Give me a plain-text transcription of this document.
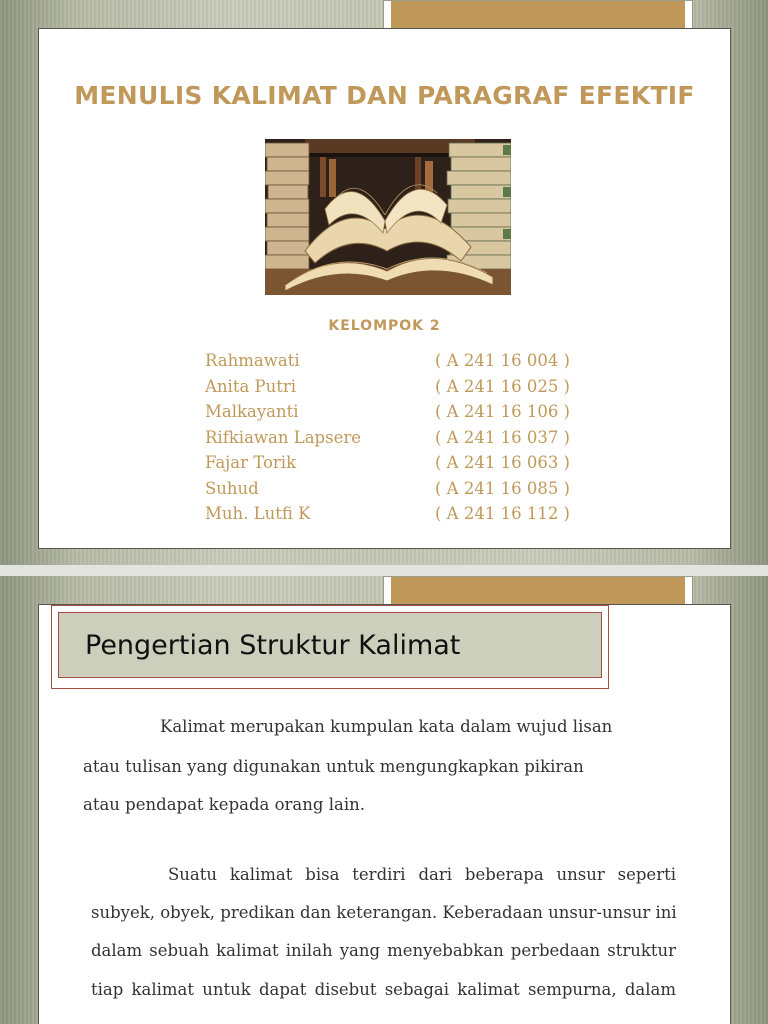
MENULIS KALIMAT DAN PARAGRAF EFEKTIF
KELOMPOK 2
Rahmawati	( A 241 16 004 )
Anita Putri	( A 241 16 025 )
Malkayanti	( A 241 16 106 )
Rifkiawan Lapsere	( A 241 16 037 )
Fajar Torik	( A 241 16 063 )
Suhud	( A 241 16 085 )
Muh. Lutfi K	( A 241 16 112 )
Pengertian Struktur Kalimat
Kalimat merupakan kumpulan kata dalam wujud lisan
atau tulisan yang digunakan untuk mengungkapkan pikiran
atau pendapat kepada orang lain.
Suatu kalimat bisa terdiri dari beberapa unsur seperti
subyek, obyek, predikan dan keterangan. Keberadaan unsur-unsur ini
dalam sebuah kalimat inilah yang menyebabkan perbedaan struktur
tiap kalimat untuk dapat disebut sebagai kalimat sempurna, dalam
